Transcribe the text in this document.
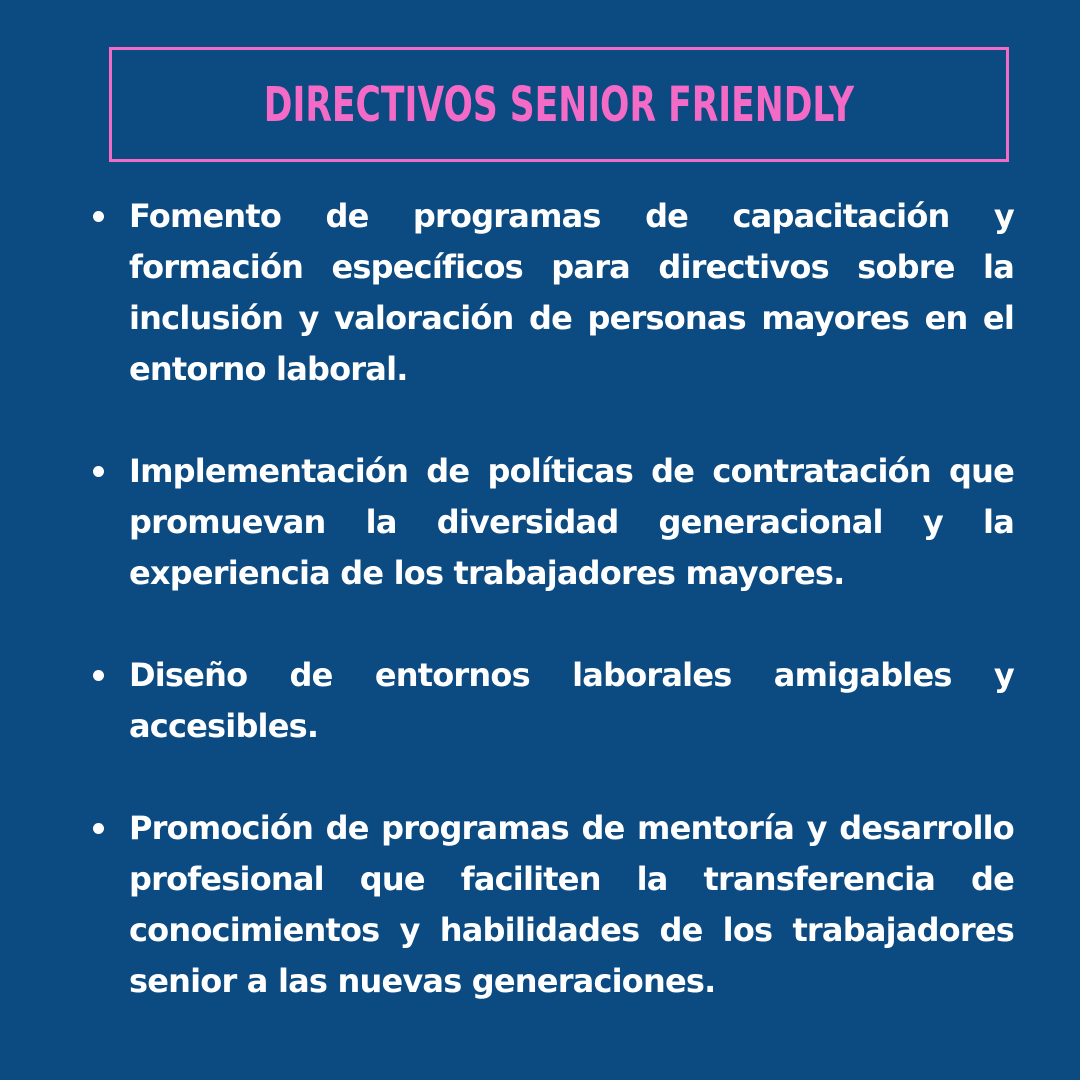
DIRECTIVOS SENIOR FRIENDLY
Fomento de programas de capacitación y formación específicos para directivos sobre la inclusión y valoración de personas mayores en el entorno laboral.
Implementación de políticas de contratación que promuevan la diversidad generacional y la experiencia de los trabajadores mayores.
Diseño de entornos laborales amigables y accesibles.
Promoción de programas de mentoría y desarrollo profesional que faciliten la transferencia de conocimientos y habilidades de los trabajadores senior a las nuevas generaciones.
